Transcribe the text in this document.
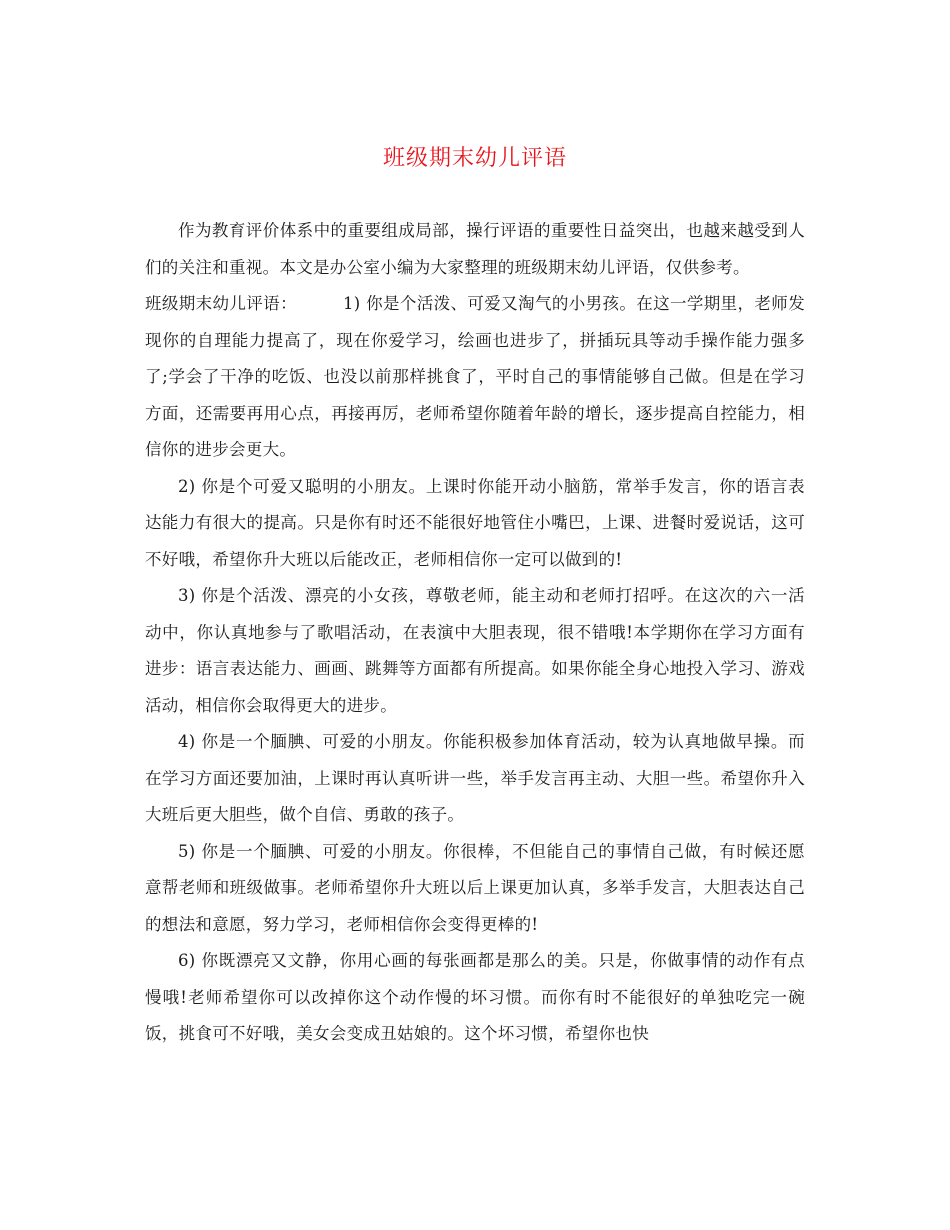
班级期末幼儿评语

作为教育评价体系中的重要组成局部，操行评语的重要性日益突出，也越来越受到人们的关注和重视。本文是办公室小编为大家整理的班级期末幼儿评语，仅供参考。

班级期末幼儿评语：	1) 你是个活泼、可爱又淘气的小男孩。在这一学期里，老师发现你的自理能力提高了，现在你爱学习，绘画也进步了，拼插玩具等动手操作能力强多了;学会了干净的吃饭、也没以前那样挑食了，平时自己的事情能够自己做。但是在学习方面，还需要再用心点，再接再厉，老师希望你随着年龄的增长，逐步提高自控能力，相信你的进步会更大。

2) 你是个可爱又聪明的小朋友。上课时你能开动小脑筋，常举手发言，你的语言表达能力有很大的提高。只是你有时还不能很好地管住小嘴巴，上课、进餐时爱说话，这可不好哦，希望你升大班以后能改正，老师相信你一定可以做到的!

3) 你是个活泼、漂亮的小女孩，尊敬老师，能主动和老师打招呼。在这次的六一活动中，你认真地参与了歌唱活动，在表演中大胆表现，很不错哦!本学期你在学习方面有进步：语言表达能力、画画、跳舞等方面都有所提高。如果你能全身心地投入学习、游戏活动，相信你会取得更大的进步。

4) 你是一个腼腆、可爱的小朋友。你能积极参加体育活动，较为认真地做早操。而在学习方面还要加油，上课时再认真听讲一些，举手发言再主动、大胆一些。希望你升入大班后更大胆些，做个自信、勇敢的孩子。

5) 你是一个腼腆、可爱的小朋友。你很棒，不但能自己的事情自己做，有时候还愿意帮老师和班级做事。老师希望你升大班以后上课更加认真，多举手发言，大胆表达自己的想法和意愿，努力学习，老师相信你会变得更棒的!

6) 你既漂亮又文静，你用心画的每张画都是那么的美。只是，你做事情的动作有点慢哦!老师希望你可以改掉你这个动作慢的坏习惯。而你有时不能很好的单独吃完一碗饭，挑食可不好哦，美女会变成丑姑娘的。这个坏习惯，希望你也快
